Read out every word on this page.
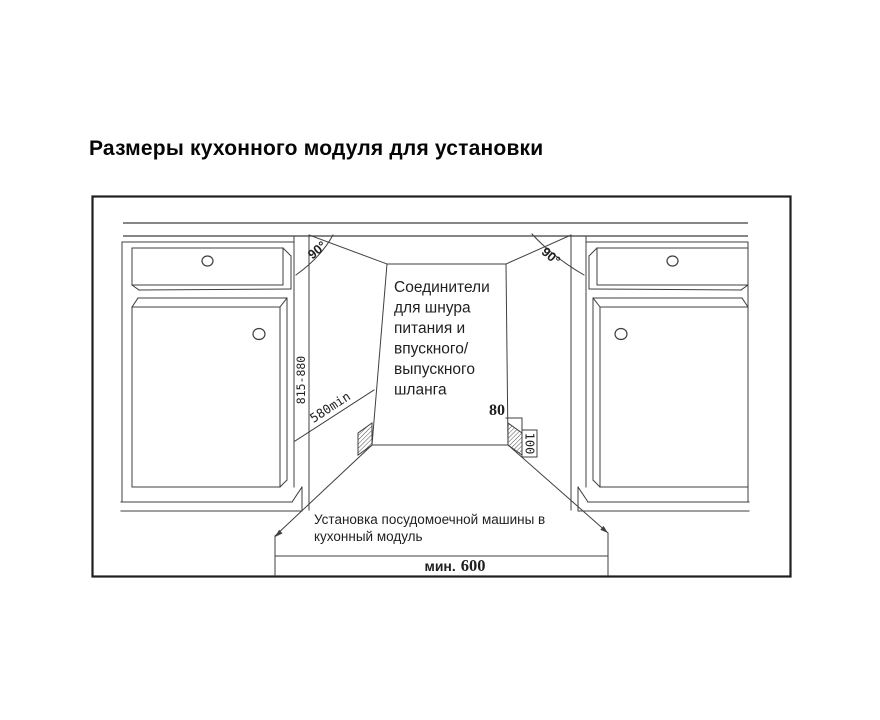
Размеры кухонного модуля для установки
Соединители
для шнура
питания и
впускного/
выпускного
шланга
815-880
580min	80
100
90°	90°
Установка посудомоечной машины в
кухонный модуль
мин. 600
